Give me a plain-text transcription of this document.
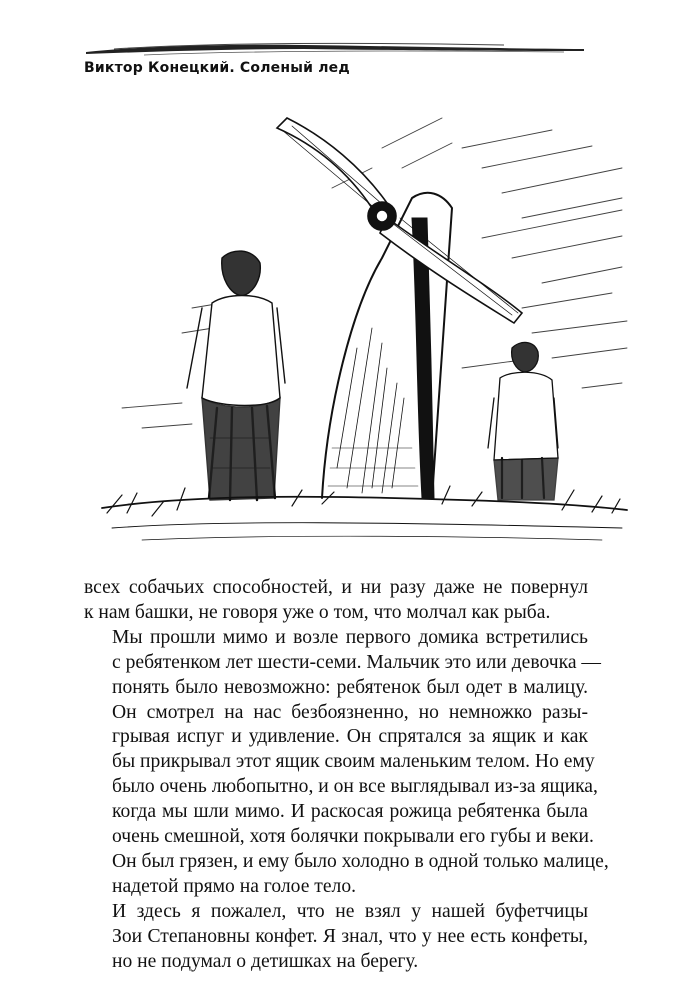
Виктор Конецкий. Соленый лед

всех собачьих способностей, и ни разу даже не повернул
к нам башки, не говоря уже о том, что молчал как рыба.

Мы прошли мимо и возле первого домика встретились
с ребятенком лет шести-семи. Мальчик это или девочка —
понять было невозможно: ребятенок был одет в малицу.
Он смотрел на нас безбоязненно, но немножко разы-
грывая испуг и удивление. Он спрятался за ящик и как
бы прикрывал этот ящик своим маленьким телом. Но ему
было очень любопытно, и он все выглядывал из-за ящика,
когда мы шли мимо. И раскосая рожица ребятенка была
очень смешной, хотя болячки покрывали его губы и веки.
Он был грязен, и ему было холодно в одной только малице,
надетой прямо на голое тело.

И здесь я пожалел, что не взял у нашей буфетчицы
Зои Степановны конфет. Я знал, что у нее есть конфеты,
но не подумал о детишках на берегу.
